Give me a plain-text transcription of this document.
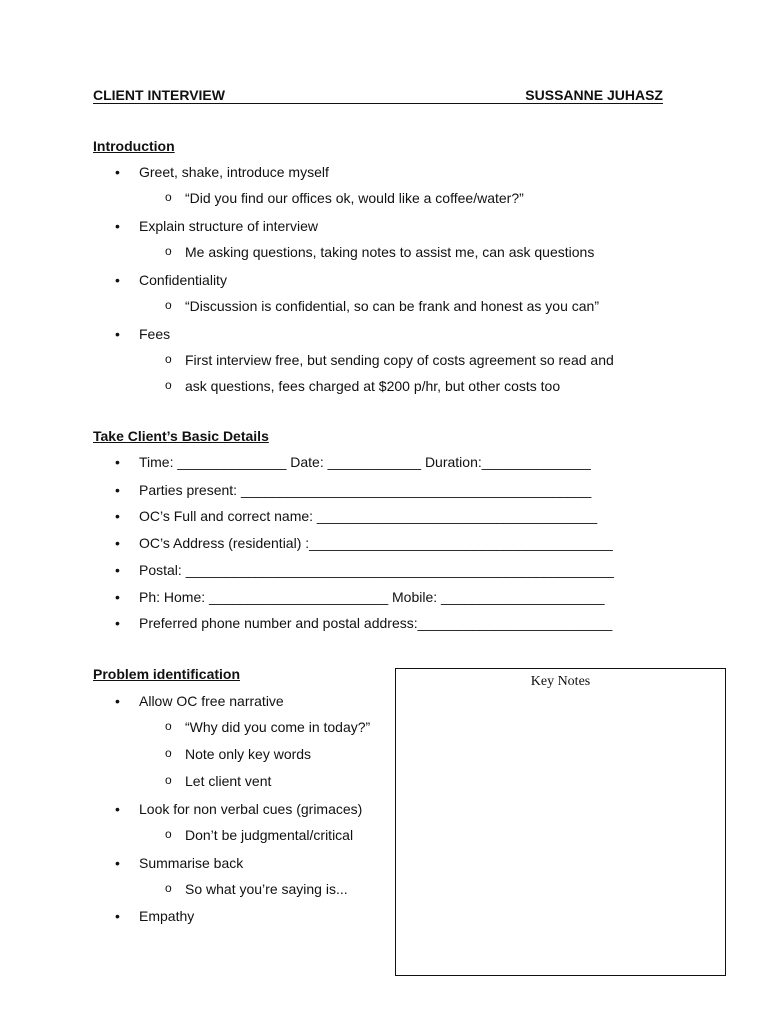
CLIENT INTERVIEW	SUSSANNE JUHASZ
Introduction
• Greet, shake, introduce myself
o “Did you find our offices ok, would like a coffee/water?”
• Explain structure of interview
o Me asking questions, taking notes to assist me, can ask questions
• Confidentiality
o “Discussion is confidential, so can be frank and honest as you can”
• Fees
o First interview free, but sending copy of costs agreement so read and
o ask questions, fees charged at $200 p/hr, but other costs too
Take Client’s Basic Details
• Time: ______________ Date: ____________ Duration:______________
• Parties present: _____________________________________________
• OC’s Full and correct name: ____________________________________
• OC’s Address (residential) :_______________________________________
• Postal: _______________________________________________________
• Ph: Home: _______________________ Mobile: _____________________
• Preferred phone number and postal address:_________________________
Problem identification
• Allow OC free narrative
o “Why did you come in today?”
o Note only key words
o Let client vent
• Look for non verbal cues (grimaces)
o Don’t be judgmental/critical
• Summarise back
o So what you’re saying is...
• Empathy
Key Notes
